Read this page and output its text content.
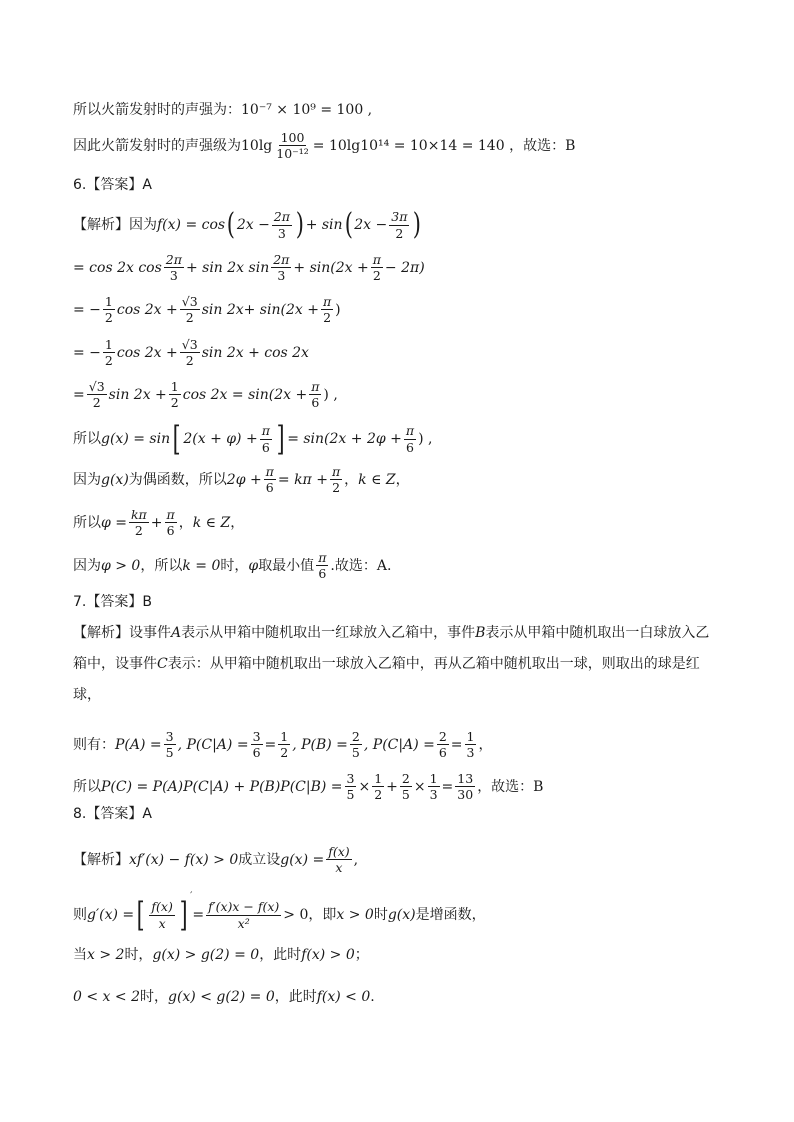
所以火箭发射时的声强为： 10⁻⁷ × 10⁹ = 100 ,
因此火箭发射时的声强级为 $10\lg \frac{100}{\text{10⁻¹²}} = 10\lg 10^{14} = 10\times 14 = 140$ ，故选：B
6.【答案】A
【解析】因为 f(x) = cos ( $2x - \frac{2\pi}{3}$ ) + sin ( $2x - \frac{3\pi}{2}$ )
= cos 2x $\cos \frac{2\pi}{3} + \sin 2x$ $\sin \frac{2\pi}{3} + \sin(2x + \frac{\pi}{2} - 2\pi)$
= − $\frac{1}{2}$ $\cos 2x + \frac{√3}{2}$ $\sin 2x + \sin(2x + \frac{\pi}{2}$ )
= − $\frac{1}{2}$ $\cos 2x + \frac{√3}{2}$ sin 2x + cos 2x
= $\frac{√3}{2}$ $\sin 2x + \frac{1}{2}$ $\cos 2x = \sin(2x + \frac{\pi}{6}$ ) ,
所以 g(x) = sin [ $2(x + \varphi) + \frac{\pi}{6}$ ] = $\sin(2x + 2\varphi + \frac{\pi}{6}$ ) ,
因为 g(x) 为偶函数，所以 $2\varphi + \frac{\pi}{6} = k\pi + \frac{\pi}{2}$ ， k ∈ Z ，
所以 $\varphi = \frac{k\pi}{2} + \frac{\pi}{6}$ ， k ∈ Z ，
因为 φ > 0 ，所以 k = 0 时， φ 取最小值 $\frac{\pi}{6}$ .故选：A.
7.【答案】B
【解析】设事件 A 表示从甲箱中随机取出一红球放入乙箱中，事件 B 表示从甲箱中随机取出一白球放入乙
箱中，设事件 C 表示：从甲箱中随机取出一球放入乙箱中，再从乙箱中随机取出一球，则取出的球是红
球，
则有： $P(A) = \frac{3}{5}$ , $P(C|A) = \frac{3}{6} = \frac{1}{2}$ , $P(B) = \frac{2}{5}$ , $P(C|A) = \frac{2}{6} = \frac{1}{3}$ ，
所以 $P(C) = P(A)P(C|A) + P(B)P(C|B) = \frac{3}{5} \times \frac{1}{2} + \frac{2}{5} \times \frac{1}{3} = \frac{13}{30}$ ，故选：B
8.【答案】A
【解析】 xf′(x) − f(x) > 0 成立设 $g(x) = \frac{f(x)}{x}$ ,
则 g′(x) = [ $\frac{f(x)}{x}$ ] ′
= $\frac{f'(x)x - f(x)}{\text{x²}} > 0$ ，即 x > 0 时 g(x) 是增函数，
当 x > 2 时， g(x) > g(2) = 0 ，此时 f(x) > 0 ；
0 < x < 2 时， g(x) < g(2) = 0 ，此时 f(x) < 0 .
